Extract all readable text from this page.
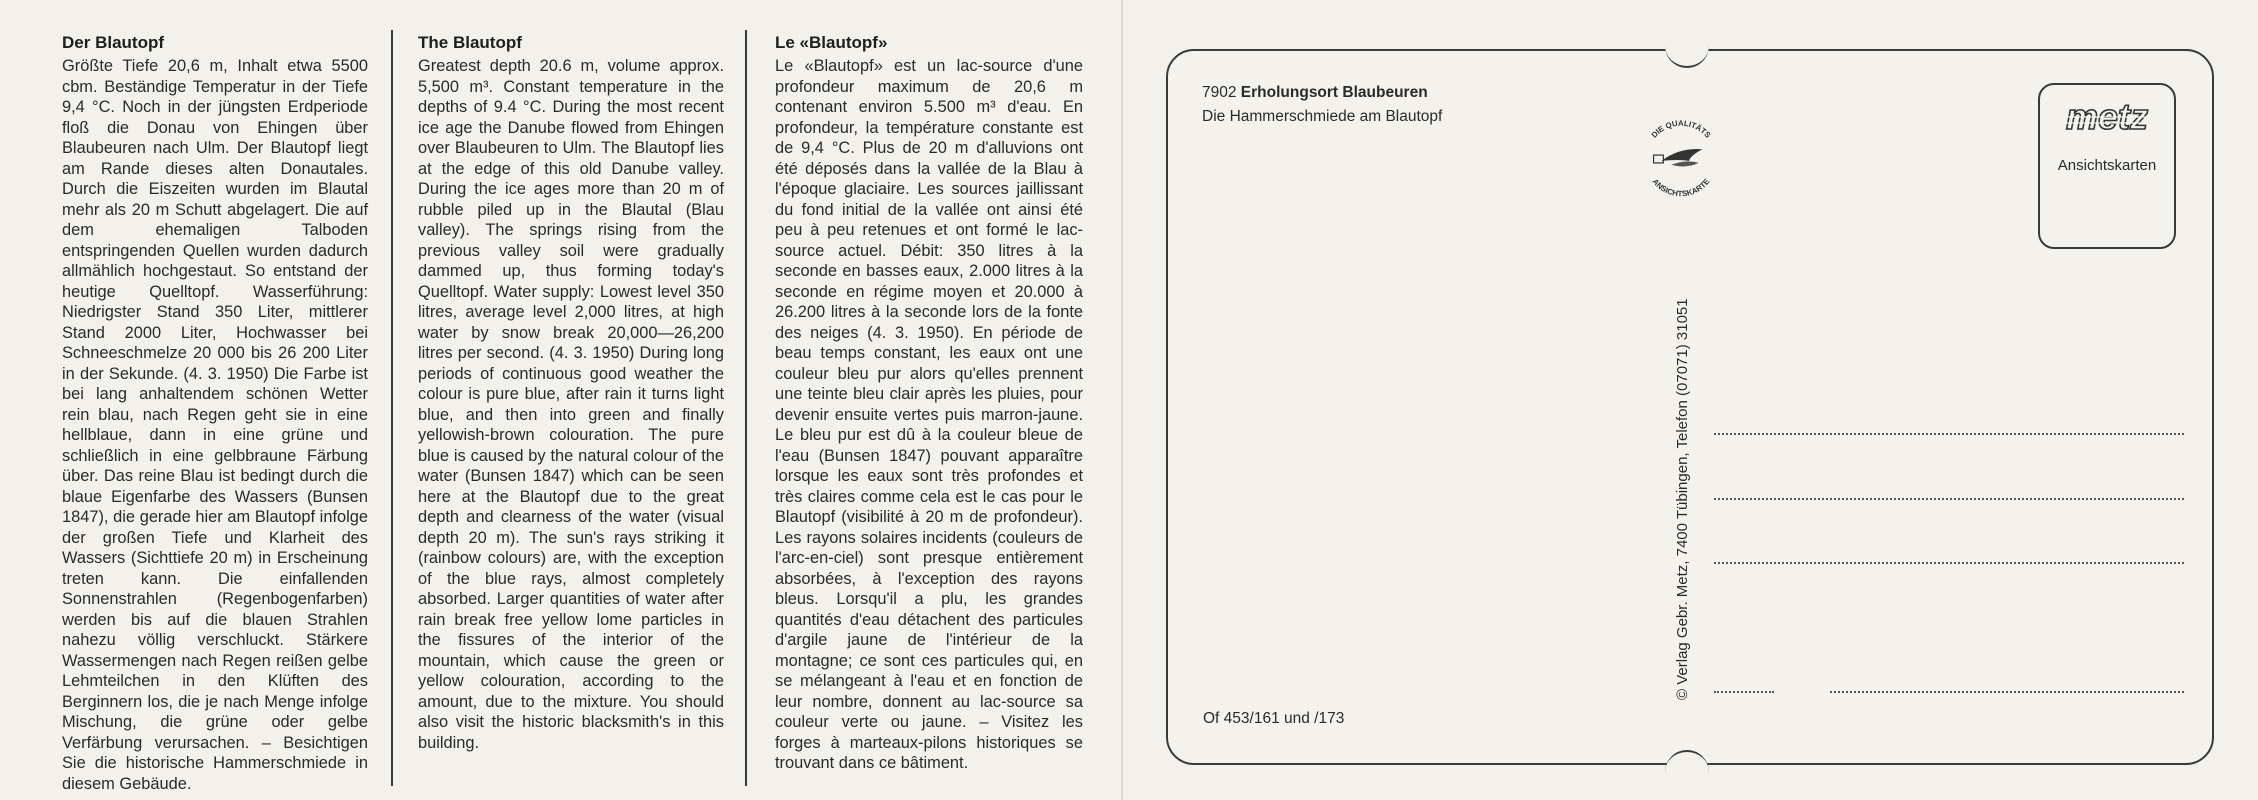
Der Blautopf

Größte Tiefe 20,6 m, Inhalt etwa 5500 cbm. Beständige Temperatur in der Tiefe 9,4 °C. Noch in der jüngsten Erdperiode floß die Donau von Ehingen über Blaubeuren nach Ulm. Der Blautopf liegt am Rande dieses alten Donautales. Durch die Eiszeiten wurden im Blautal mehr als 20 m Schutt abgelagert. Die auf dem ehemaligen Talboden entspringenden Quellen wurden dadurch allmählich hochgestaut. So entstand der heutige Quelltopf. Wasserführung: Niedrigster Stand 350 Liter, mittlerer Stand 2000 Liter, Hochwasser bei Schneeschmelze 20 000 bis 26 200 Liter in der Sekunde. (4. 3. 1950) Die Farbe ist bei lang anhaltendem schönen Wetter rein blau, nach Regen geht sie in eine hellblaue, dann in eine grüne und schließlich in eine gelbbraune Färbung über. Das reine Blau ist bedingt durch die blaue Eigenfarbe des Wassers (Bunsen 1847), die gerade hier am Blautopf infolge der großen Tiefe und Klarheit des Wassers (Sichttiefe 20 m) in Erscheinung treten kann. Die einfallenden Sonnenstrahlen (Regenbogenfarben) werden bis auf die blauen Strahlen nahezu völlig verschluckt. Stärkere Wassermengen nach Regen reißen gelbe Lehmteilchen in den Klüften des Berginnern los, die je nach Menge infolge Mischung, die grüne oder gelbe Verfärbung verursachen. – Besichtigen Sie die historische Hammerschmiede in diesem Gebäude.

The Blautopf

Greatest depth 20.6 m, volume approx. 5,500 m³. Constant temperature in the depths of 9.4 °C. During the most recent ice age the Danube flowed from Ehingen over Blaubeuren to Ulm. The Blautopf lies at the edge of this old Danube valley. During the ice ages more than 20 m of rubble piled up in the Blautal (Blau valley). The springs rising from the previous valley soil were gradually dammed up, thus forming today's Quelltopf. Water supply: Lowest level 350 litres, average level 2,000 litres, at high water by snow break 20,000—26,200 litres per second. (4. 3. 1950) During long periods of continuous good weather the colour is pure blue, after rain it turns light blue, and then into green and finally yellowish-brown colouration. The pure blue is caused by the natural colour of the water (Bunsen 1847) which can be seen here at the Blautopf due to the great depth and clearness of the water (visual depth 20 m). The sun's rays striking it (rainbow colours) are, with the exception of the blue rays, almost completely absorbed. Larger quantities of water after rain break free yellow lome particles in the fissures of the interior of the mountain, which cause the green or yellow colouration, according to the amount, due to the mixture. You should also visit the historic blacksmith's in this building.

Le «Blautopf»

Le «Blautopf» est un lac-source d'une profondeur maximum de 20,6 m contenant environ 5.500 m³ d'eau. En profondeur, la température constante est de 9,4 °C. Plus de 20 m d'alluvions ont été déposés dans la vallée de la Blau à l'époque glaciaire. Les sources jaillissant du fond initial de la vallée ont ainsi été peu à peu retenues et ont formé le lac-source actuel. Débit: 350 litres à la seconde en basses eaux, 2.000 litres à la seconde en régime moyen et 20.000 à 26.200 litres à la seconde lors de la fonte des neiges (4. 3. 1950). En période de beau temps constant, les eaux ont une couleur bleu pur alors qu'elles prennent une teinte bleu clair après les pluies, pour devenir ensuite vertes puis marron-jaune. Le bleu pur est dû à la couleur bleue de l'eau (Bunsen 1847) pouvant apparaître lorsque les eaux sont très profondes et très claires comme cela est le cas pour le Blautopf (visibilité à 20 m de profondeur). Les rayons solaires incidents (couleurs de l'arc-en-ciel) sont presque entièrement absorbées, à l'exception des rayons bleus. Lorsqu'il a plu, les grandes quantités d'eau détachent des particules d'argile jaune de l'intérieur de la montagne; ce sont ces particules qui, en se mélangeant à l'eau et en fonction de leur nombre, donnent au lac-source sa couleur verte ou jaune. – Visitez les forges à marteaux-pilons historiques se trouvant dans ce bâtiment.

7902 Erholungsort Blaubeuren
Die Hammerschmiede am Blautopf
DIE QUALITÄTS
ANSICHTSKARTE
metz
Ansichtskarten
© Verlag Gebr. Metz, 7400 Tübingen, Telefon (07071) 31051
Of 453/161 und /173
